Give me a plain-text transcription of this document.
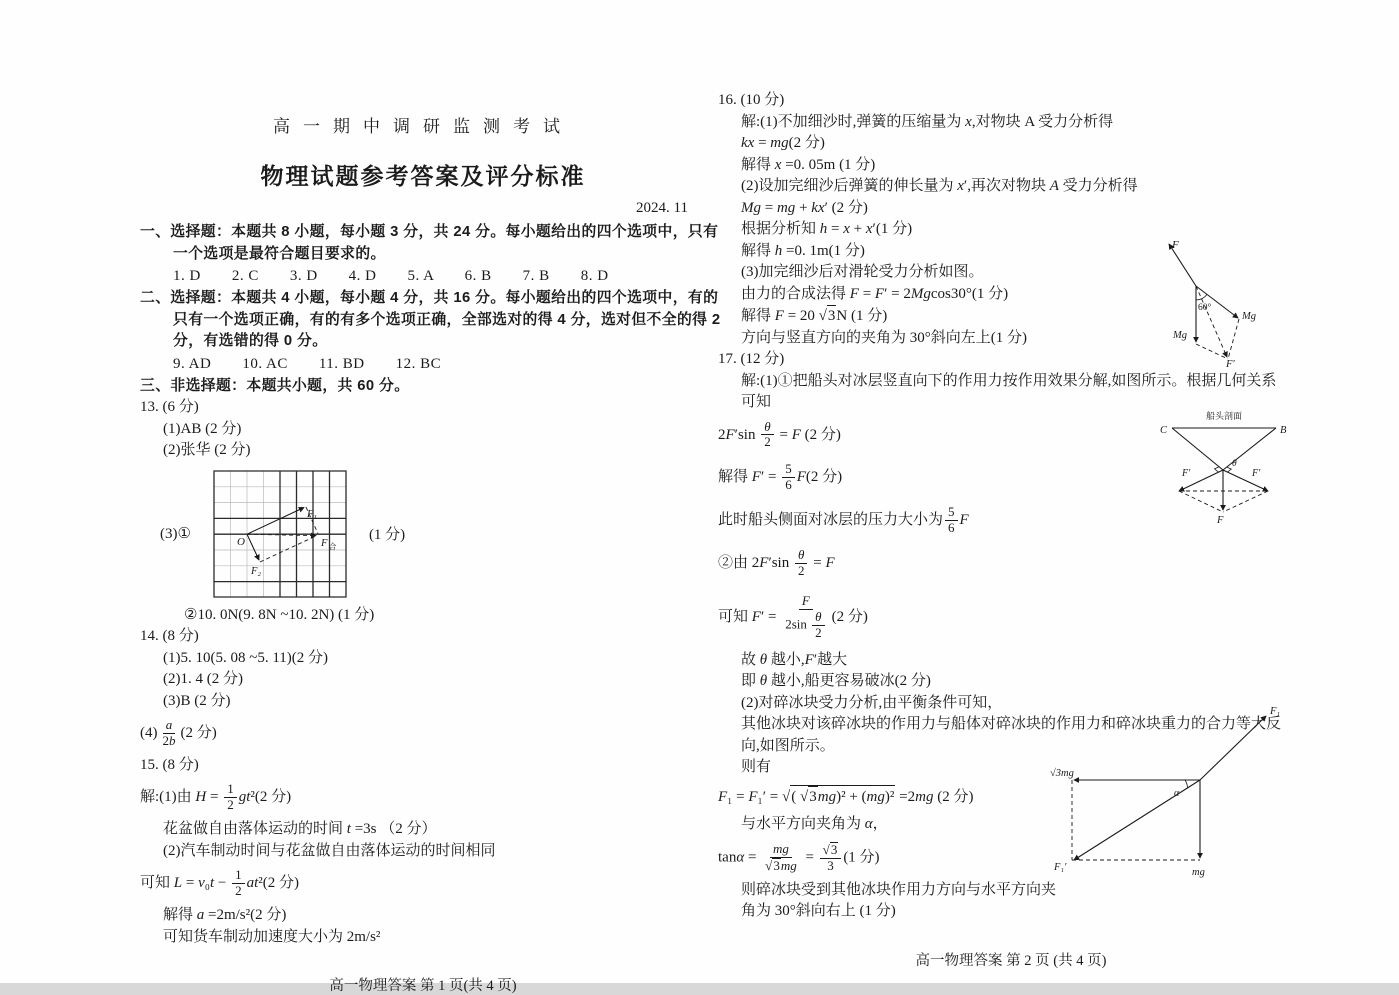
高一期中调研监测考试
物理试题参考答案及评分标准
2024. 11
一、选择题：本题共 8 小题，每小题 3 分，共 24 分。每小题给出的四个选项中，只有
一个选项是最符合题目要求的。
1. D　　2. C　　3. D　　4. D　　5. A　　6. B　　7. B　　8. D
二、选择题：本题共 4 小题，每小题 4 分，共 16 分。每小题给出的四个选项中，有的
只有一个选项正确，有的有多个选项正确，全部选对的得 4 分，选对但不全的得 2
分，有选错的得 0 分。
9. AD　　10. AC　　11. BD　　12. BC
三、非选择题：本题共小题，共 60 分。
13. (6 分)
(1)AB (2 分)
(2)张华 (2 分)
(3)①	O
F₁
F₂
F 合
(1 分)
②10. 0N(9. 8N ~10. 2N) (1 分)
14. (8 分)
(1)5. 10(5. 08 ~5. 11)(2 分)
(2)1. 4 (2 分)
(3)B (2 分)
$(4) \frac{a}{2b} (2$ 分)
15. (8 分)
解:(1)由 $H = \frac{1}{2} gt^2(2$ 分)
花盆做自由落体运动的时间 t =3s （2 分）
(2)汽车制动时间与花盆做自由落体运动的时间相同
可知 $L = v_0t - \frac{1}{2} at^2(2$ 分)
解得 a =2m/s²(2 分)
可知货车制动加速度大小为 2m/s²
高一物理答案 第 1 页(共 4 页)
16. (10 分)
解:(1)不加细沙时,弹簧的压缩量为 x,对物块 A 受力分析得
kx = mg(2 分)
解得 x =0. 05m (1 分)
(2)设加完细沙后弹簧的伸长量为 x′,再次对物块 A 受力分析得
Mg = mg + kx′ (2 分)
根据分析知 h = x + x′(1 分)
解得 h =0. 1m(1 分)
(3)加完细沙后对滑轮受力分析如图。
由力的合成法得 F = F′ = 2Mgcos30°(1 分)
解得 F = 20 √3N (1 分)
方向与竖直方向的夹角为 30°斜向左上(1 分)
17. (12 分)
解:(1)①把船头对冰层竖直向下的作用力按作用效果分解,如图所示。根据几何关系
可知
$2F'\sin \frac{\theta}{2} = F$ (2 分)
解得 $F' = \frac{5}{6} F(2$ 分)
此时船头侧面对冰层的压力大小为 $\frac{5}{6}$ F
②由 $2F'\sin \frac{\theta}{2} = F$
可知 $F' = \frac{F}{2\sin \frac{\theta}{2}} (2$ 分)
故 θ 越小,F′越大
即 θ 越小,船更容易破冰(2 分)
(2)对碎冰块受力分析,由平衡条件可知，
其他冰块对该碎冰块的作用力与船体对碎冰块的作用力和碎冰块重力的合力等大反
向,如图所示。
则有
F₁ = F₁′ = √( √3mg)² + (mg)² =2mg (2 分)
与水平方向夹角为 α，
$\tan\alpha = \frac{mg}{√3mg} = \frac{√3}{3} (1$ 分)
则碎冰块受到其他冰块作用力方向与水平方向夹
角为 30°斜向右上 (1 分)
高一物理答案 第 2 页 (共 4 页)
F
Mg
Mg
F′
60°
船头剖面
C	B
F′	F′
F
θ
F₁
F₁′
√3mg
mg
α
